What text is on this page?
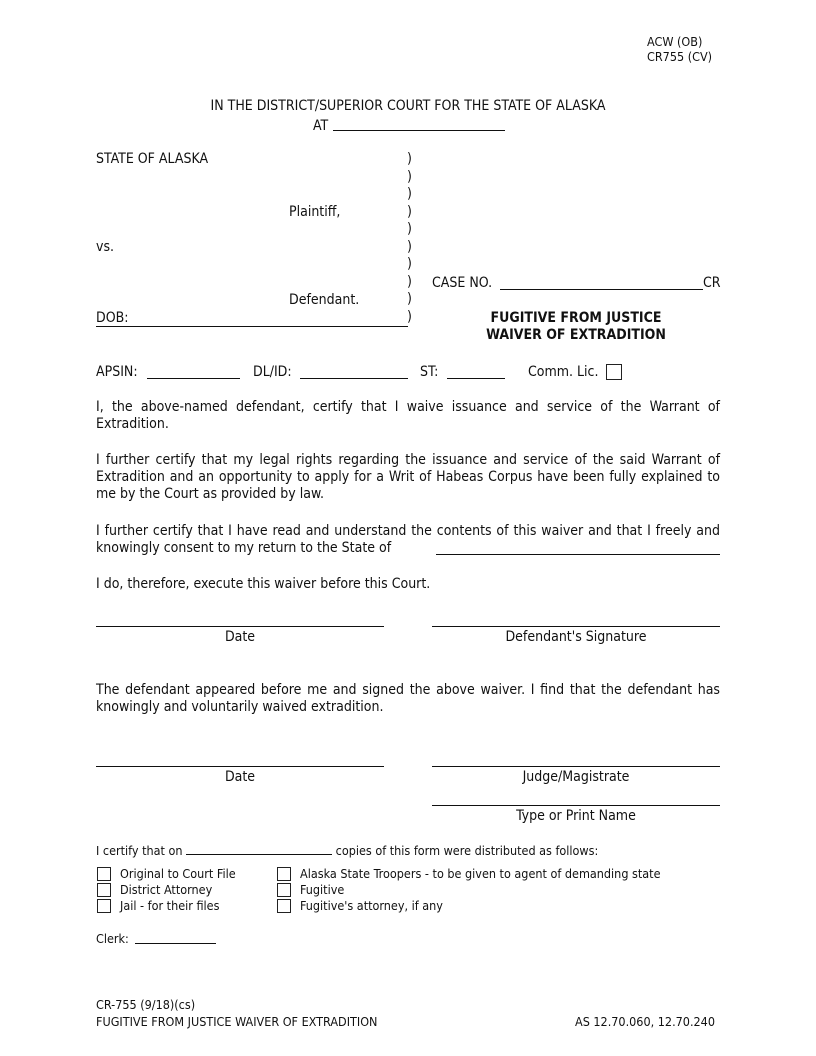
ACW (OB)
CR755 (CV)
IN THE DISTRICT/SUPERIOR COURT FOR THE STATE OF ALASKA
AT
STATE OF ALASKA
Plaintiff,
vs.
Defendant.
DOB:
)
)
)
)
)
)
)
)
)
)
CASE NO.	CR
FUGITIVE FROM JUSTICE
WAIVER OF EXTRADITION
APSIN:	DL/ID:	ST:	Comm. Lic.
I, the above-named defendant, certify that I waive issuance and service of the Warrant of Extradition.
I further certify that my legal rights regarding the issuance and service of the said Warrant of Extradition and an opportunity to apply for a Writ of Habeas Corpus have been fully explained to me by the Court as provided by law.
I further certify that I have read and understand the contents of this waiver and that I freely and knowingly consent to my return to the State of
I do, therefore, execute this waiver before this Court.
Date	Defendant's Signature
The defendant appeared before me and signed the above waiver. I find that the defendant has knowingly and voluntarily waived extradition.
Date	Judge/Magistrate
Type or Print Name
I certify that on	copies of this form were distributed as follows:
Original to Court File
District Attorney
Jail - for their files
Alaska State Troopers - to be given to agent of demanding state
Fugitive
Fugitive's attorney, if any
Clerk:
CR-755 (9/18)(cs)
FUGITIVE FROM JUSTICE WAIVER OF EXTRADITION	AS 12.70.060, 12.70.240
